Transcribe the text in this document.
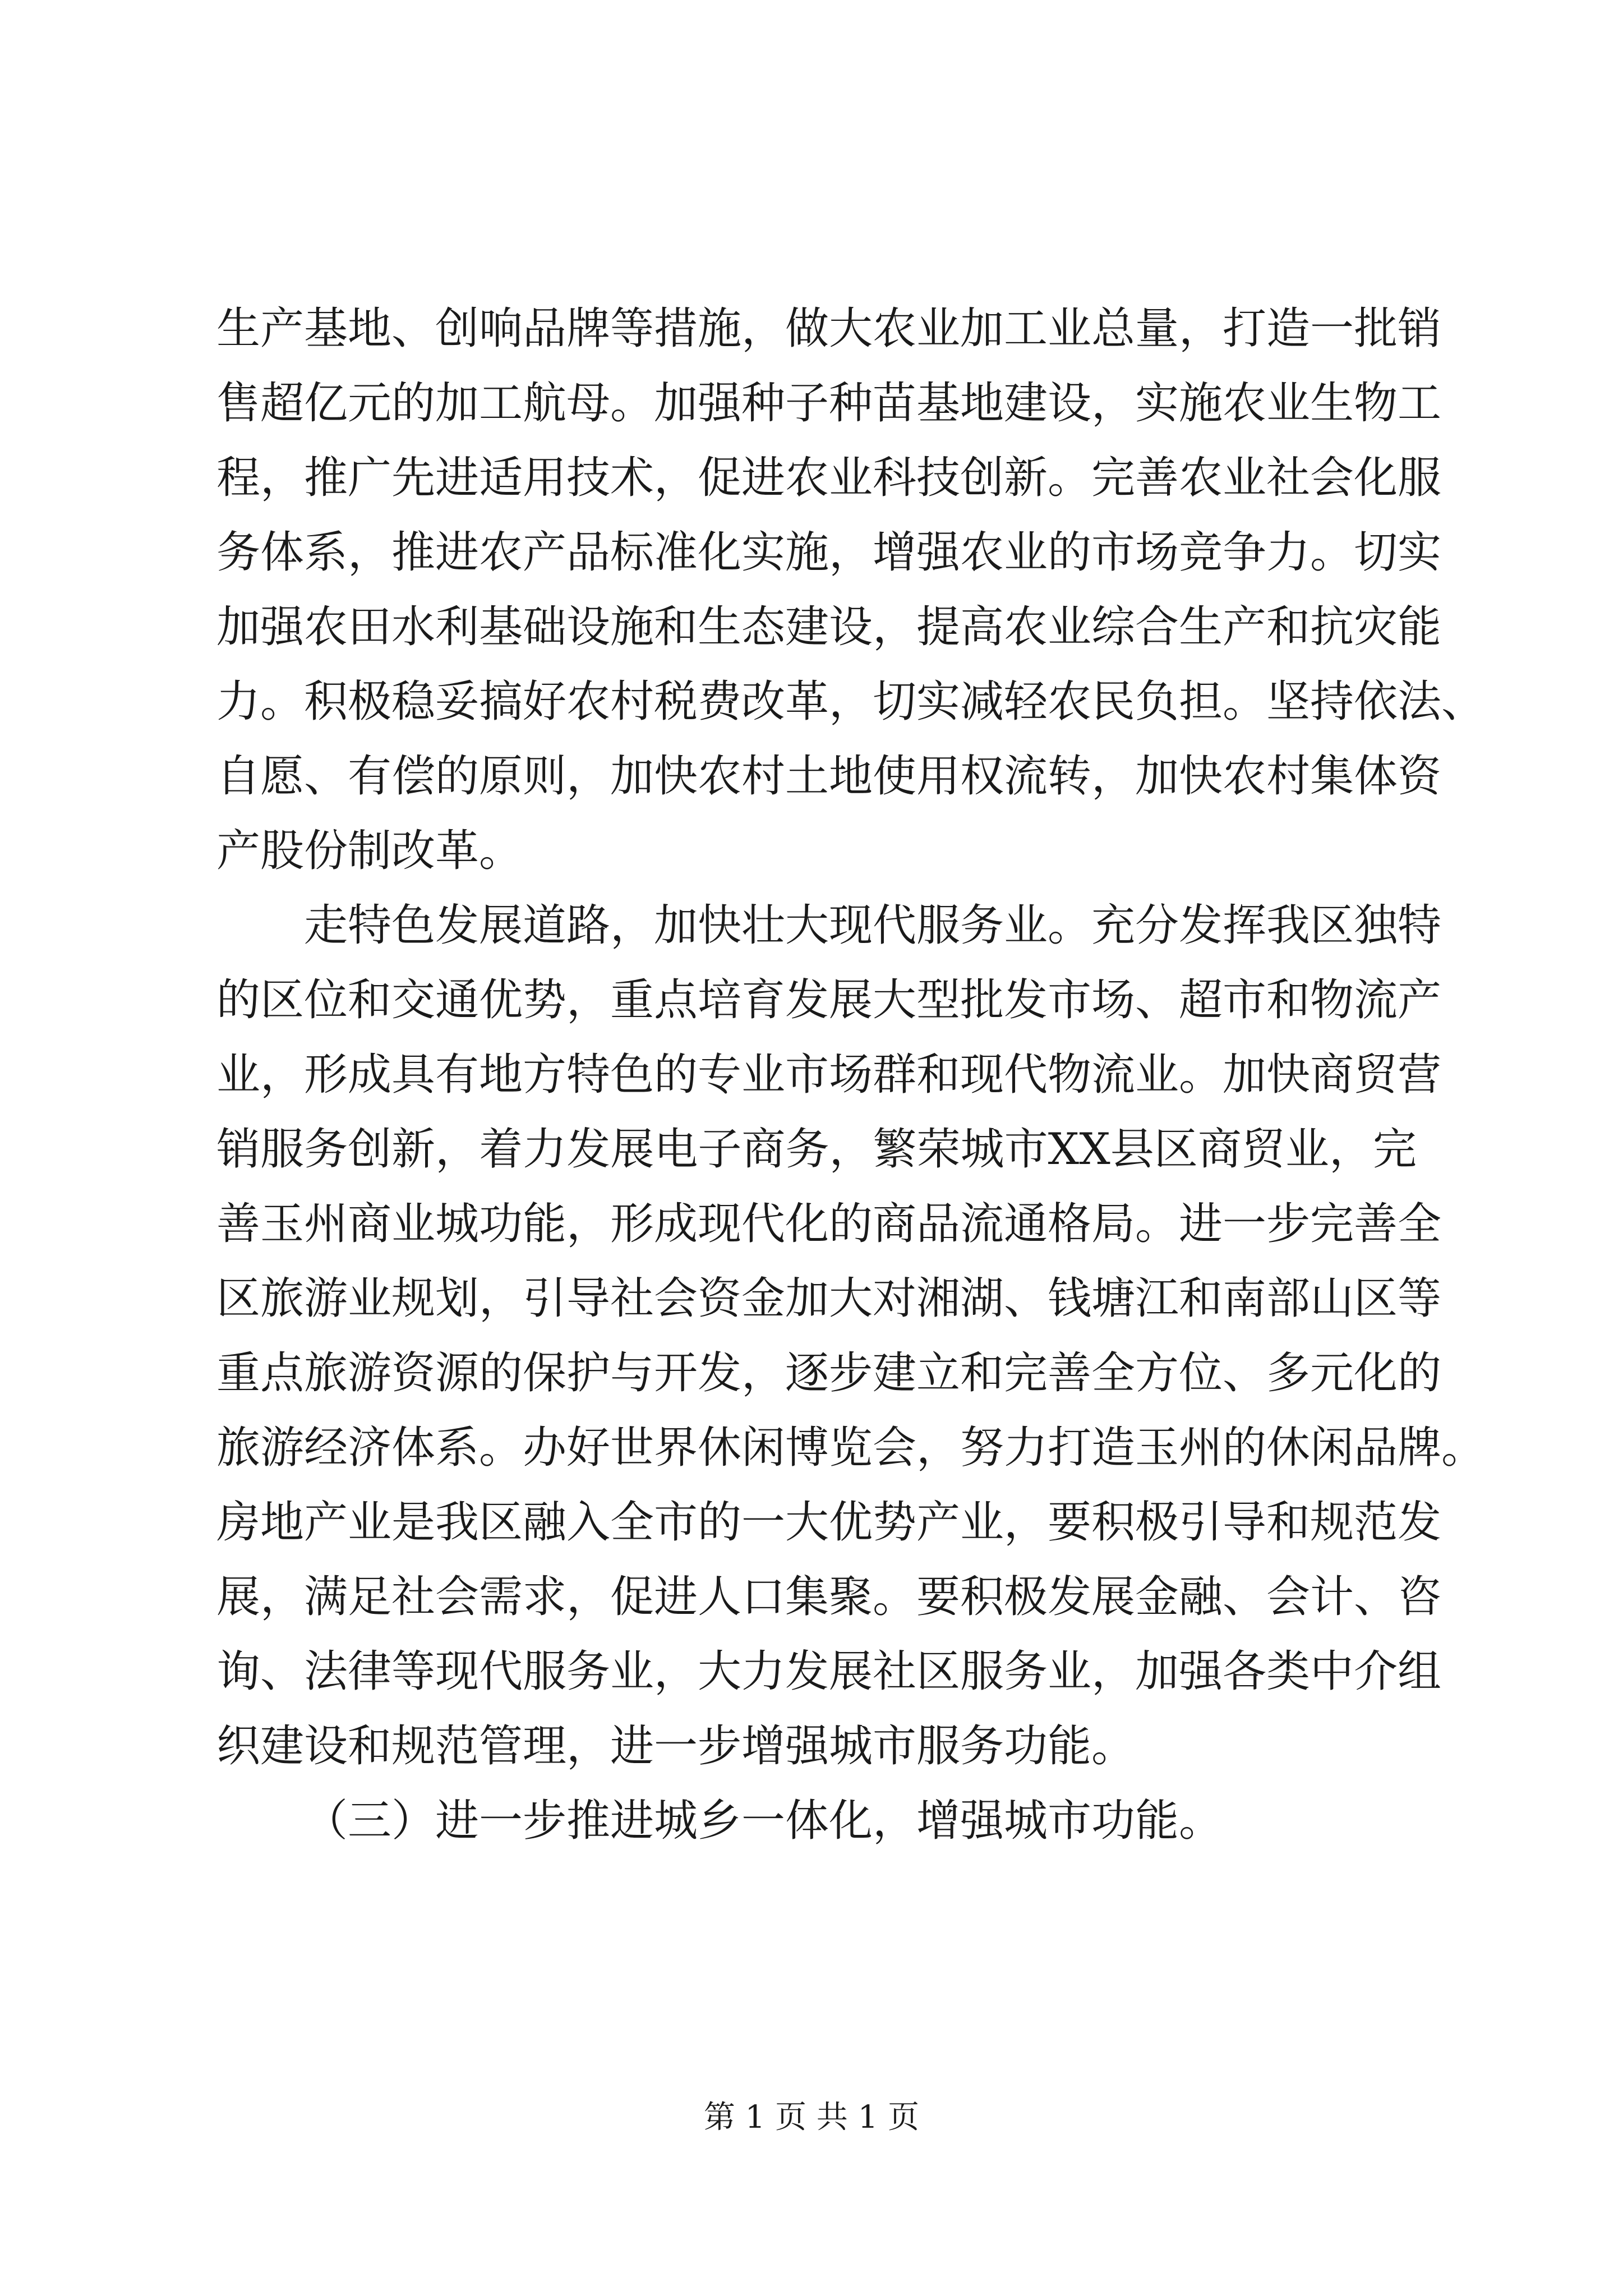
生产基地、创响品牌等措施，做大农业加工业总量，打造一批销
售超亿元的加工航母。加强种子种苗基地建设，实施农业生物工
程，推广先进适用技术，促进农业科技创新。完善农业社会化服
务体系，推进农产品标准化实施，增强农业的市场竞争力。切实
加强农田水利基础设施和生态建设，提高农业综合生产和抗灾能
力。积极稳妥搞好农村税费改革，切实减轻农民负担。坚持依法、
自愿、有偿的原则，加快农村土地使用权流转，加快农村集体资
产股份制改革。
走特色发展道路，加快壮大现代服务业。充分发挥我区独特
的区位和交通优势，重点培育发展大型批发市场、超市和物流产
业，形成具有地方特色的专业市场群和现代物流业。加快商贸营
销服务创新，着力发展电子商务，繁荣城市XX县区商贸业，完
善玉州商业城功能，形成现代化的商品流通格局。进一步完善全
区旅游业规划，引导社会资金加大对湘湖、钱塘江和南部山区等
重点旅游资源的保护与开发，逐步建立和完善全方位、多元化的
旅游经济体系。办好世界休闲博览会，努力打造玉州的休闲品牌。
房地产业是我区融入全市的一大优势产业，要积极引导和规范发
展，满足社会需求，促进人口集聚。要积极发展金融、会计、咨
询、法律等现代服务业，大力发展社区服务业，加强各类中介组
织建设和规范管理，进一步增强城市服务功能。
（三）进一步推进城乡一体化，增强城市功能。
第 1 页 共 1 页
